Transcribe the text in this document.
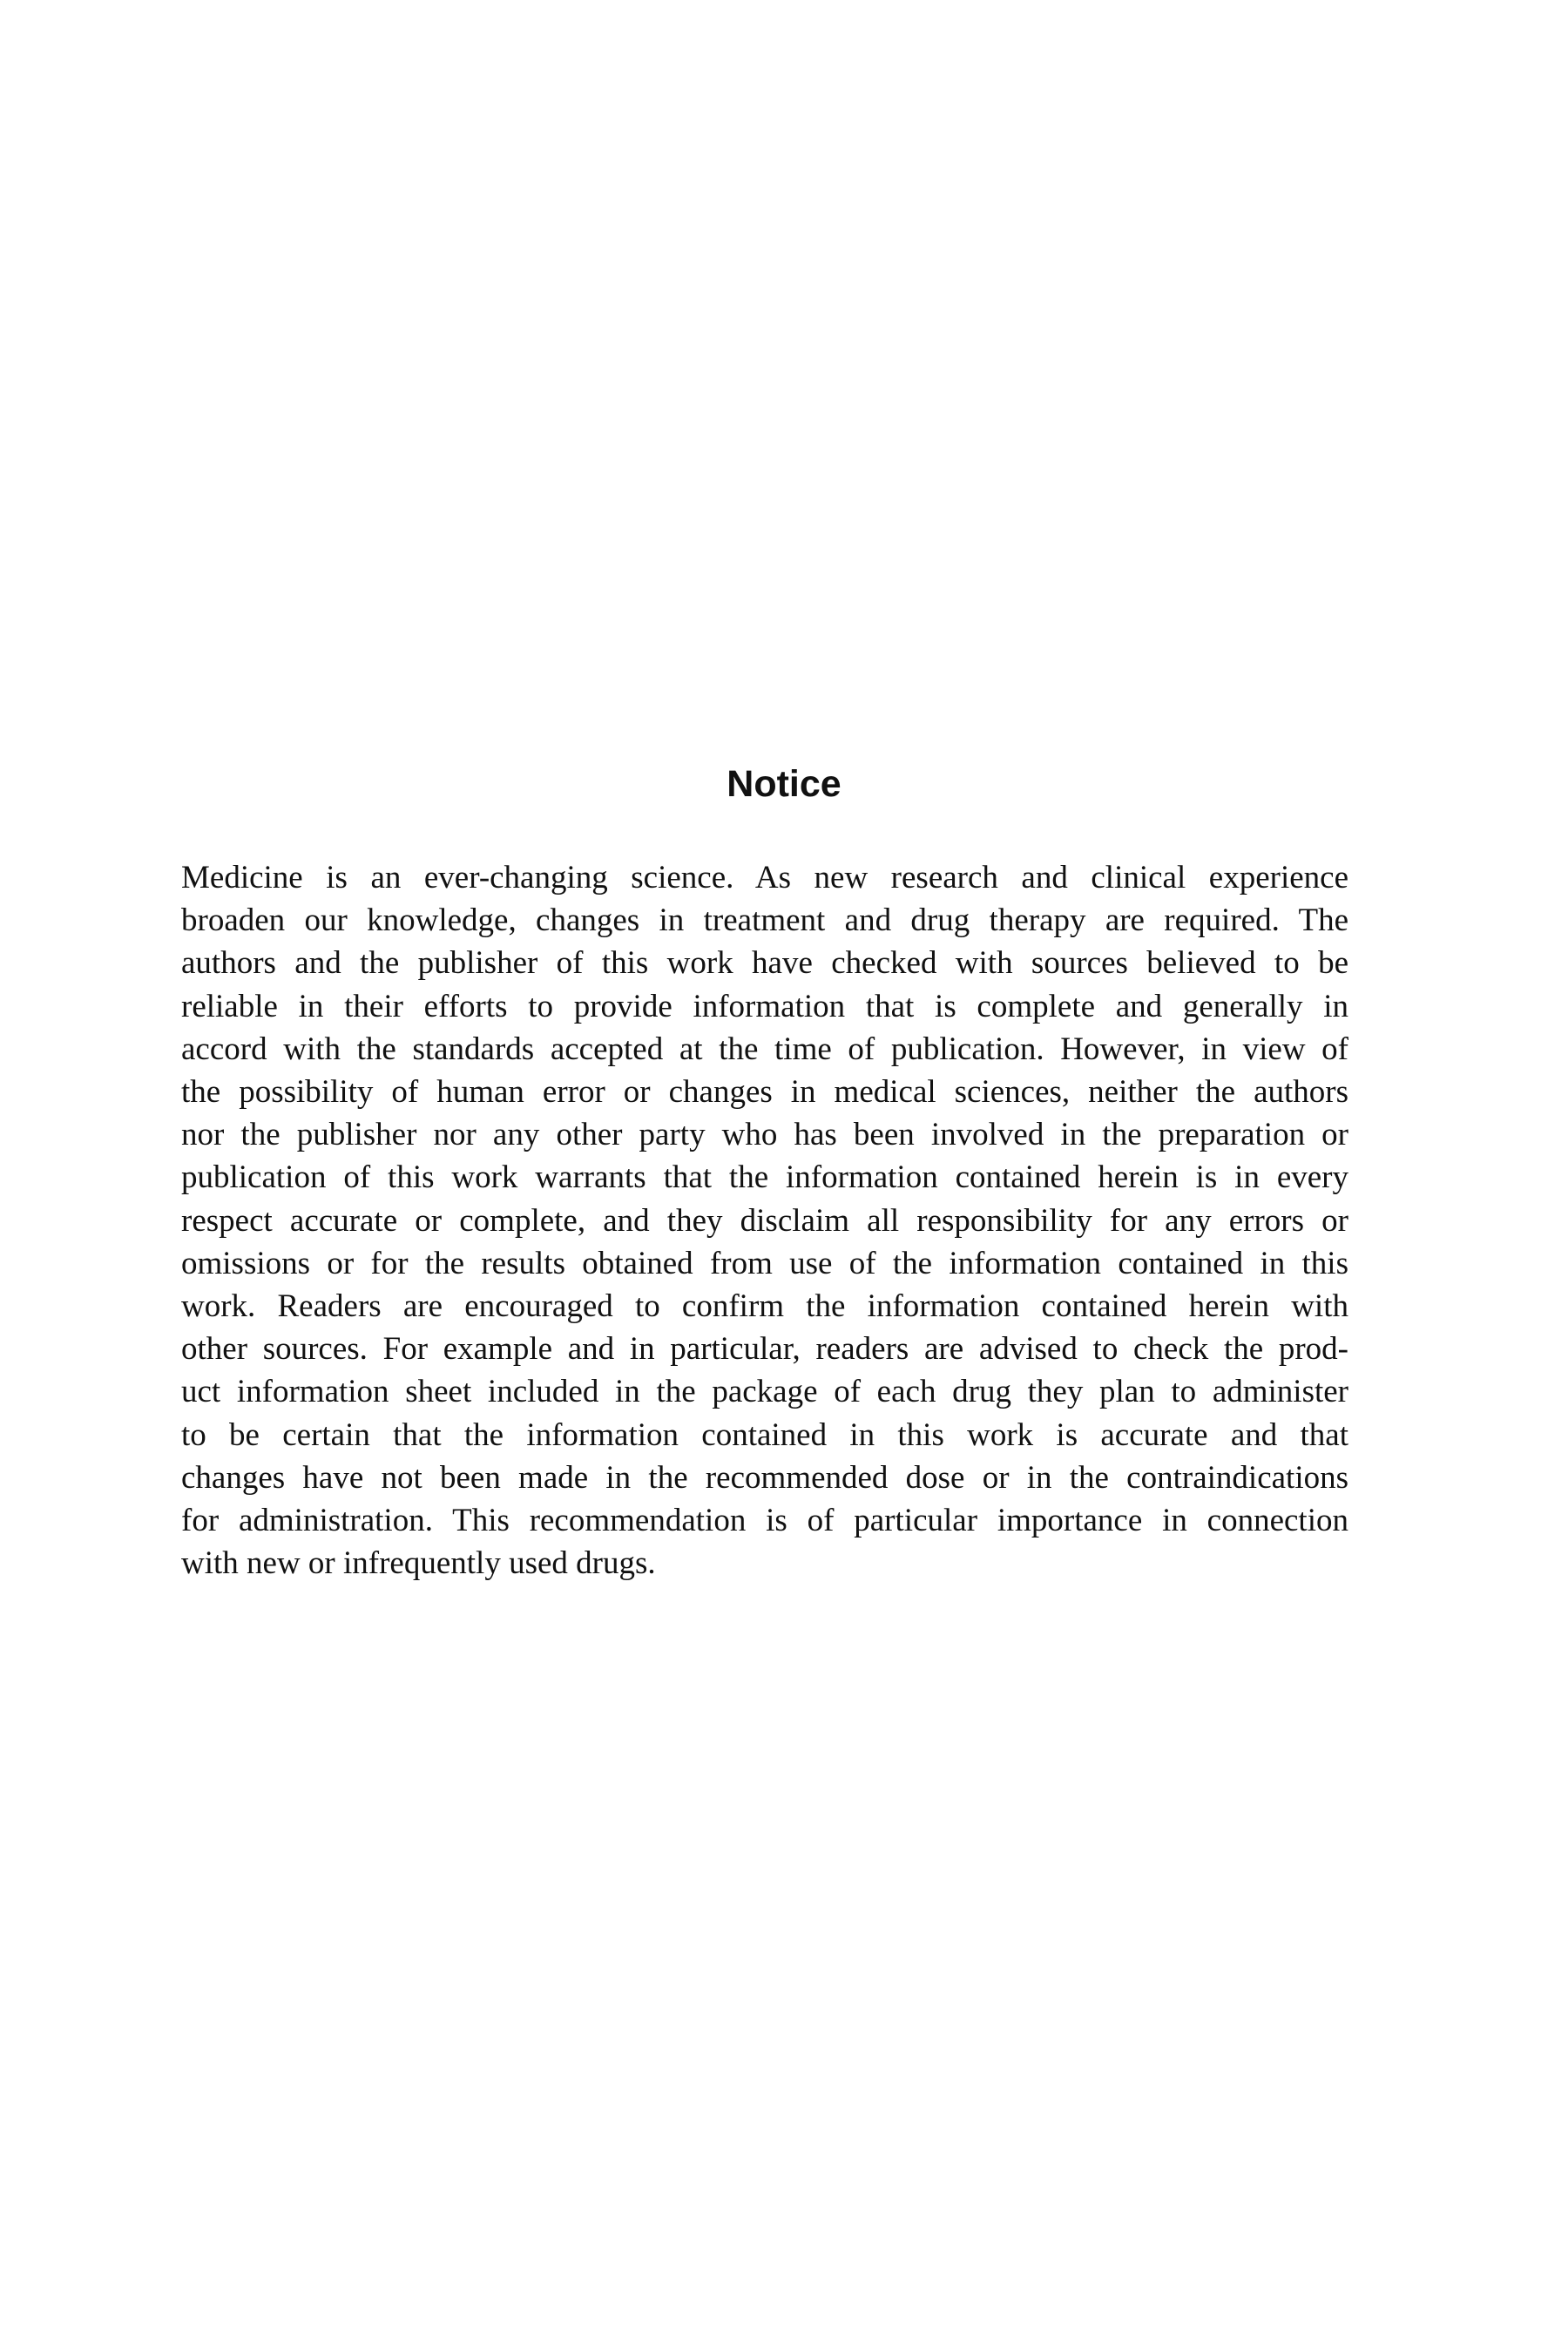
Notice
Medicine is an ever-changing science. As new research and clinical experience
broaden our knowledge, changes in treatment and drug therapy are required. The
authors and the publisher of this work have checked with sources believed to be
reliable in their efforts to provide information that is complete and generally in
accord with the standards accepted at the time of publication. However, in view of
the possibility of human error or changes in medical sciences, neither the authors
nor the publisher nor any other party who has been involved in the preparation or
publication of this work warrants that the information contained herein is in every
respect accurate or complete, and they disclaim all responsibility for any errors or
omissions or for the results obtained from use of the information contained in this
work. Readers are encouraged to confirm the information contained herein with
other sources. For example and in particular, readers are advised to check the prod-
uct information sheet included in the package of each drug they plan to administer
to be certain that the information contained in this work is accurate and that
changes have not been made in the recommended dose or in the contraindications
for administration. This recommendation is of particular importance in connection
with new or infrequently used drugs.
